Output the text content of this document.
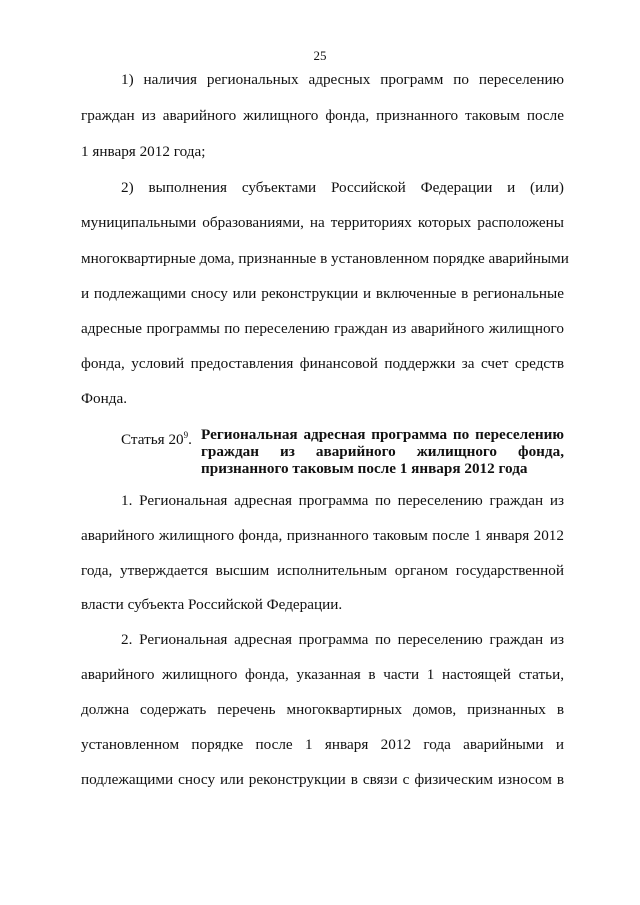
25
1) наличия региональных адресных программ по переселению
граждан из аварийного жилищного фонда, признанного таковым после
1 января 2012 года;
2) выполнения субъектами Российской Федерации и (или)
муниципальными образованиями, на территориях которых расположены
многоквартирные дома, признанные в установленном порядке аварийными
и подлежащими сносу или реконструкции и включенные в региональные
адресные программы по переселению граждан из аварийного жилищного
фонда, условий предоставления финансовой поддержки за счет средств
Фонда.
Статья $20^9$. Региональная адресная программа по переселению
граждан из аварийного жилищного фонда,
признанного таковым после 1 января 2012 года
1. Региональная адресная программа по переселению граждан из
аварийного жилищного фонда, признанного таковым после 1 января 2012
года, утверждается высшим исполнительным органом государственной
власти субъекта Российской Федерации.
2. Региональная адресная программа по переселению граждан из
аварийного жилищного фонда, указанная в части 1 настоящей статьи,
должна содержать перечень многоквартирных домов, признанных в
установленном порядке после 1 января 2012 года аварийными и
подлежащими сносу или реконструкции в связи с физическим износом в
